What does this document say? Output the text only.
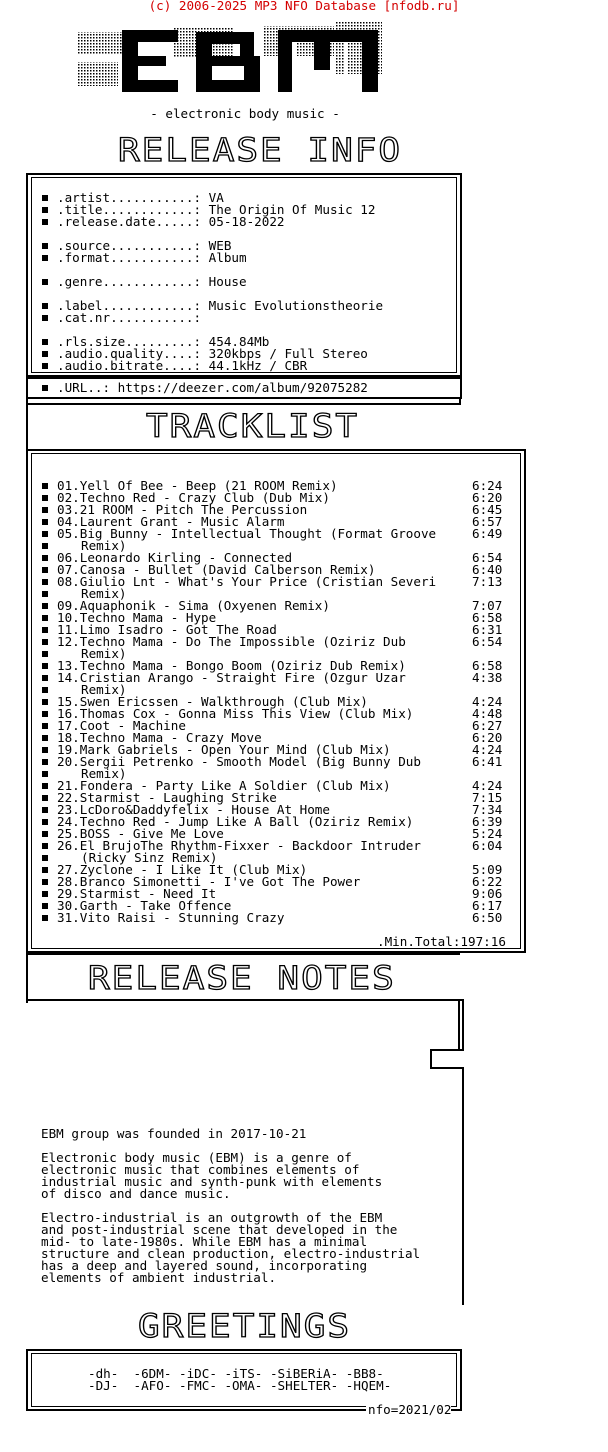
(c) 2006-2025 MP3 NFO Database [nfodb.ru]
- electronic body music -
RELEASE INFO

.artist...........: VA

.title............: The Origin Of Music 12

.release.date.....: 05-18-2022

.source...........: WEB

.format...........: Album

.genre............: House

.label............: Music Evolutionstheorie

.cat.nr...........:

.rls.size.........: 454.84Mb

.audio.quality....: 320kbps / Full Stereo

.audio.bitrate....: 44.1kHz / CBR

.URL..: https://deezer.com/album/92075282
TRACKLIST

01.Yell Of Bee - Beep (21 ROOM Remix)	6:24

02.Techno Red - Crazy Club (Dub Mix)	6:20

03.21 ROOM - Pitch The Percussion	6:45

04.Laurent Grant - Music Alarm	6:57

05.Big Bunny - Intellectual Thought (Format Groove	6:49

Remix)

06.Leonardo Kirling - Connected	6:54

07.Canosa - Bullet (David Calberson Remix)	6:40

08.Giulio Lnt - What's Your Price (Cristian Severi	7:13

Remix)

09.Aquaphonik - Sima (Oxyenen Remix)	7:07

10.Techno Mama - Hype	6:58

11.Limo Isadro - Got The Road	6:31

12.Techno Mama - Do The Impossible (Oziriz Dub	6:54

Remix)

13.Techno Mama - Bongo Boom (Oziriz Dub Remix)	6:58

14.Cristian Arango - Straight Fire (Ozgur Uzar	4:38

Remix)

15.Swen Ericssen - Walkthrough (Club Mix)	4:24

16.Thomas Cox - Gonna Miss This View (Club Mix)	4:48

17.Coot - Machine	6:27

18.Techno Mama - Crazy Move	6:20

19.Mark Gabriels - Open Your Mind (Club Mix)	4:24

20.Sergii Petrenko - Smooth Model (Big Bunny Dub	6:41

Remix)

21.Fondera - Party Like A Soldier (Club Mix)	4:24

22.Starmist - Laughing Strike	7:15

23.LcDoro&Daddyfelix - House At Home	7:34

24.Techno Red - Jump Like A Ball (Oziriz Remix)	6:39

25.BOSS - Give Me Love	5:24

26.El BrujoThe Rhythm-Fixxer - Backdoor Intruder	6:04

(Ricky Sinz Remix)

27.Zyclone - I Like It (Club Mix)	5:09

28.Branco Simonetti - I've Got The Power	6:22

29.Starmist - Need It	9:06

30.Garth - Take Offence	6:17

31.Vito Raisi - Stunning Crazy	6:50

.Min.Total:197:16
RELEASE NOTES

EBM group was founded in 2017-10-21

Electronic body music (EBM) is a genre of

electronic music that combines elements of

industrial music and synth-punk with elements

of disco and dance music.

Electro-industrial is an outgrowth of the EBM

and post-industrial scene that developed in the

mid- to late-1980s. While EBM has a minimal

structure and clean production, electro-industrial

has a deep and layered sound, incorporating

elements of ambient industrial.

GREETINGS

-dh-  -6DM- -iDC- -iTS- -SiBERiA- -BB8-

-DJ-  -AFO- -FMC- -OMA- -SHELTER- -HQEM-

nfo=2021/02
